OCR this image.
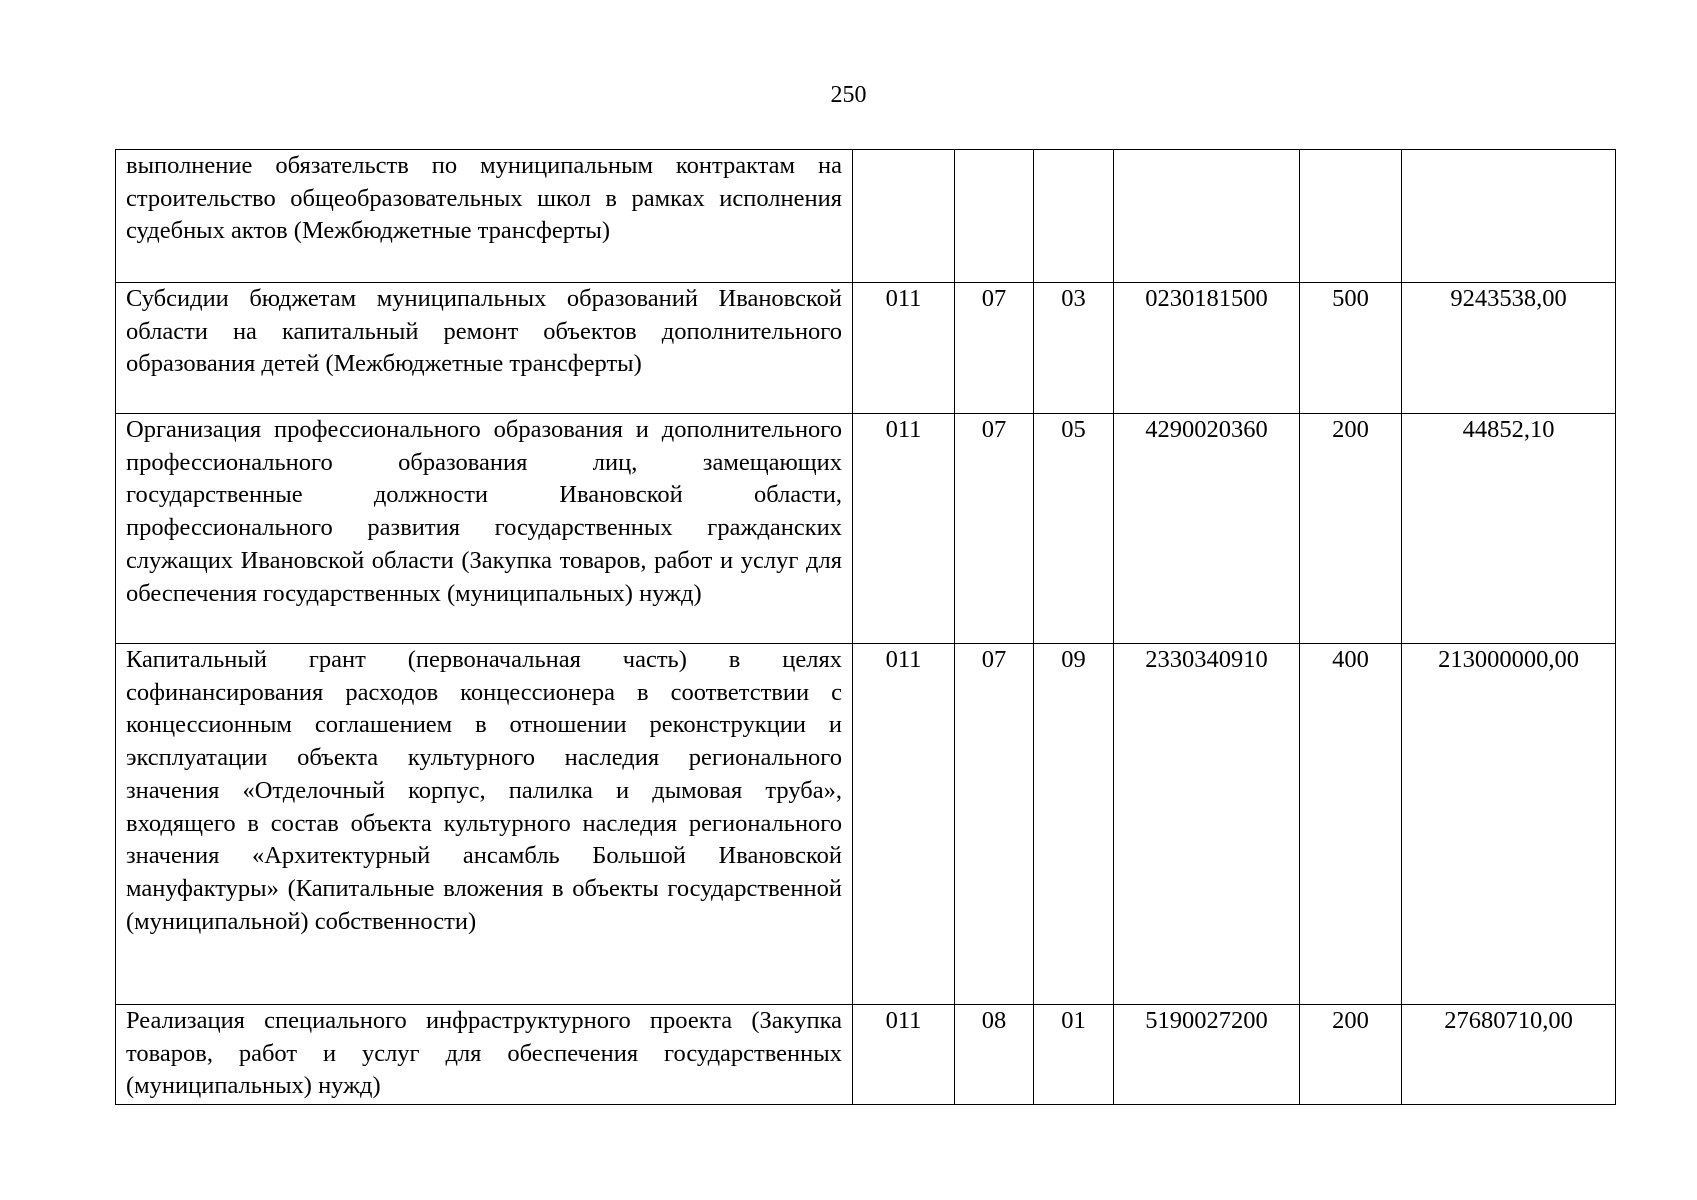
250
выполнение обязательств по муниципальным контрактам на строительство общеобразовательных школ в рамках исполнения судебных актов (Межбюджетные трансферты)						
Субсидии бюджетам муниципальных образований Ивановской области на капитальный ремонт объектов дополнительного образования детей (Межбюджетные трансферты)	011	07	03	0230181500	500	9243538,00
Организация профессионального образования и дополнительного профессионального образования лиц, замещающих государственные должности Ивановской области, профессионального развития государственных гражданских служащих Ивановской области (Закупка товаров, работ и услуг для обеспечения государственных (муниципальных) нужд)	011	07	05	4290020360	200	44852,10
Капитальный грант (первоначальная часть) в целях софинансирования расходов концессионера в соответствии с концессионным соглашением в отношении реконструкции и эксплуатации объекта культурного наследия регионального значения «Отделочный корпус, палилка и дымовая труба», входящего в состав объекта культурного наследия регионального значения «Архитектурный ансамбль Большой Ивановской мануфактуры» (Капитальные вложения в объекты государственной (муниципальной) собственности)	011	07	09	2330340910	400	213000000,00
Реализация специального инфраструктурного проекта (Закупка товаров, работ и услуг для обеспечения государственных (муниципальных) нужд)	011	08	01	5190027200	200	27680710,00
